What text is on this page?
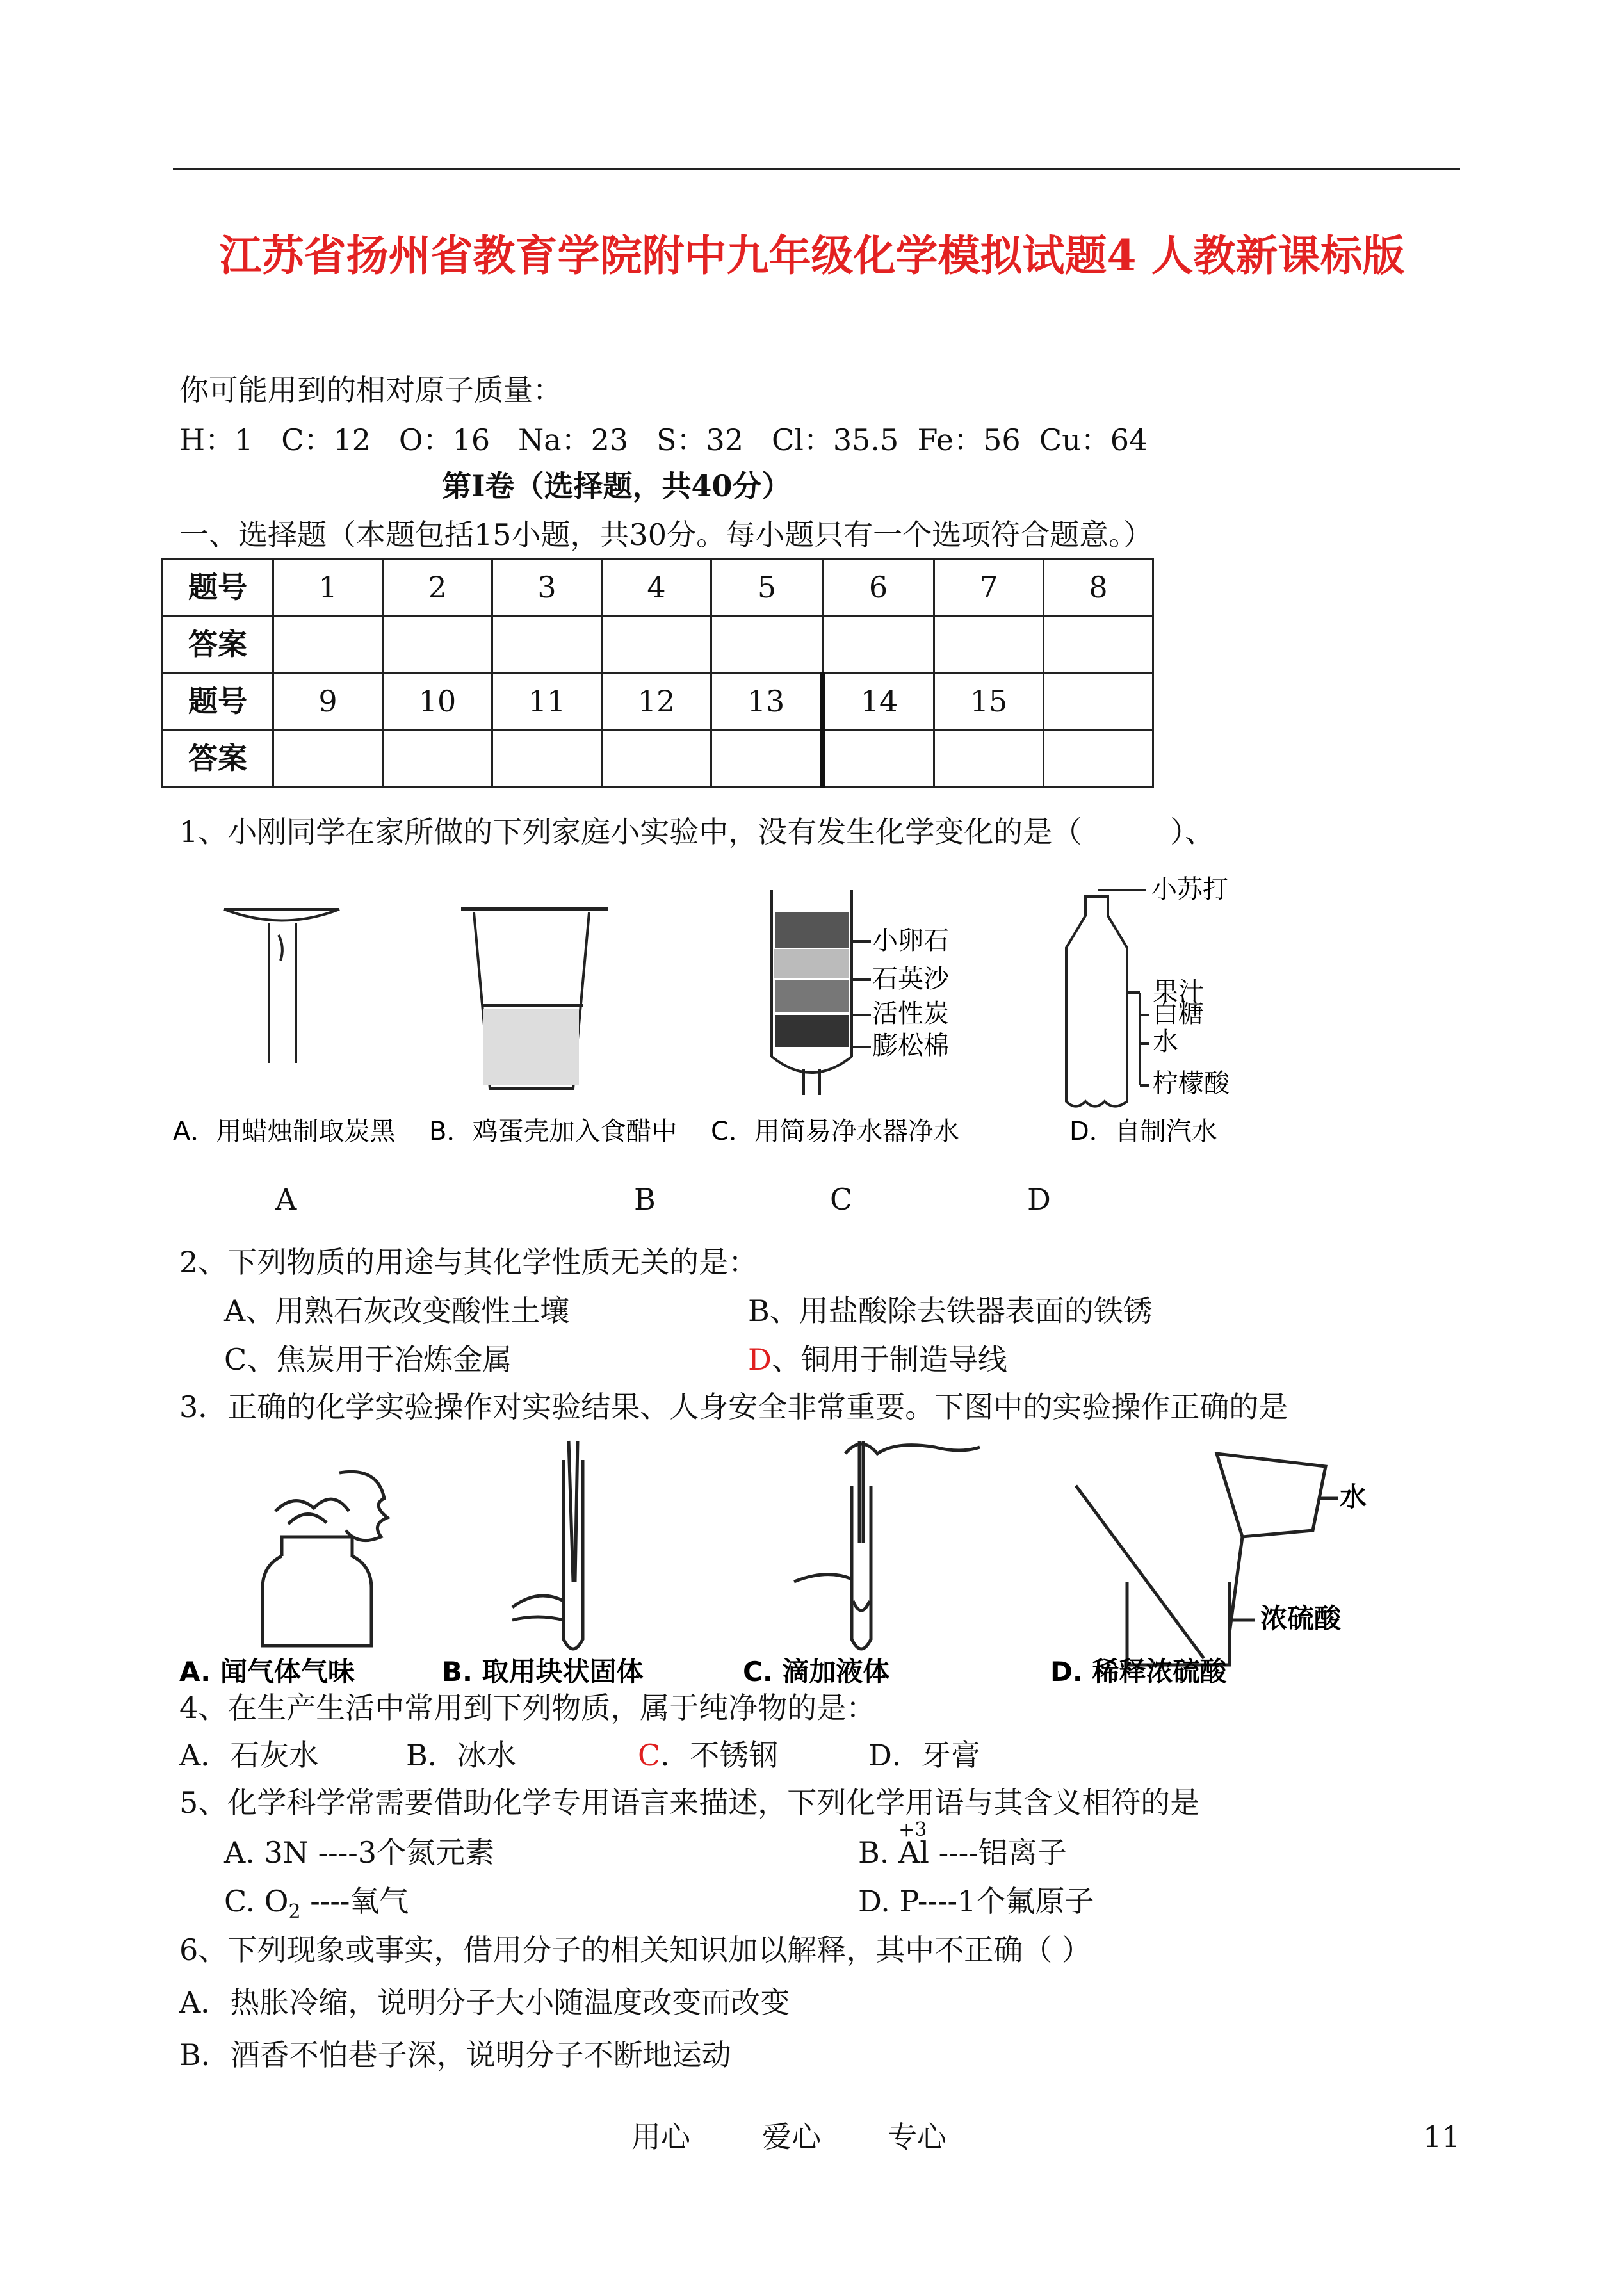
江苏省扬州省教育学院附中九年级化学模拟试题4 人教新课标版
你可能用到的相对原子质量：
H：1   C：12   O：16   Na：23   S：32   Cl：35.5  Fe：56  Cu：64
第Ⅰ卷（选择题，共40分）
一、选择题（本题包括15小题，共30分。每小题只有一个选项符合题意。）
题号	1	2	3	4	5	6	7	8
答案								
题号	9	10	11	12	13	14	15	
答案								
1、小刚同学在家所做的下列家庭小实验中，没有发生化学变化的是（　　　）、
小卵石
石英沙
活性炭
膨松棉
小苏打
果汁
白糖
水
柠檬酸
A．用蜡烛制取炭黑 B．鸡蛋壳加入食醋中 C．用简易净水器净水	D．自制汽水
A	B	C	D
2、下列物质的用途与其化学性质无关的是：
A、用熟石灰改变酸性土壤	B、用盐酸除去铁器表面的铁锈
C、焦炭用于冶炼金属	D、铜用于制造导线
3．正确的化学实验操作对实验结果、人身安全非常重要。下图中的实验操作正确的是
水
浓硫酸
A. 闻气体气味	B. 取用块状固体	C. 滴加液体	D. 稀释浓硫酸
4、在生产生活中常用到下列物质，属于纯净物的是：
A．石灰水	B．冰水	C．不锈钢	D．牙膏
5、化学科学常需要借助化学专用语言来描述，下列化学用语与其含义相符的是
A. 3N ----3个氮元素	B.
+3
Al ----铝离子
C. $O_2$ ----氧气	D. P----1个氟原子
6、下列现象或事实，借用分子的相关知识加以解释，其中不正确（ ）
A．热胀冷缩，说明分子大小随温度改变而改变
B．酒香不怕巷子深，说明分子不断地运动
用心 爱心 专心	11
